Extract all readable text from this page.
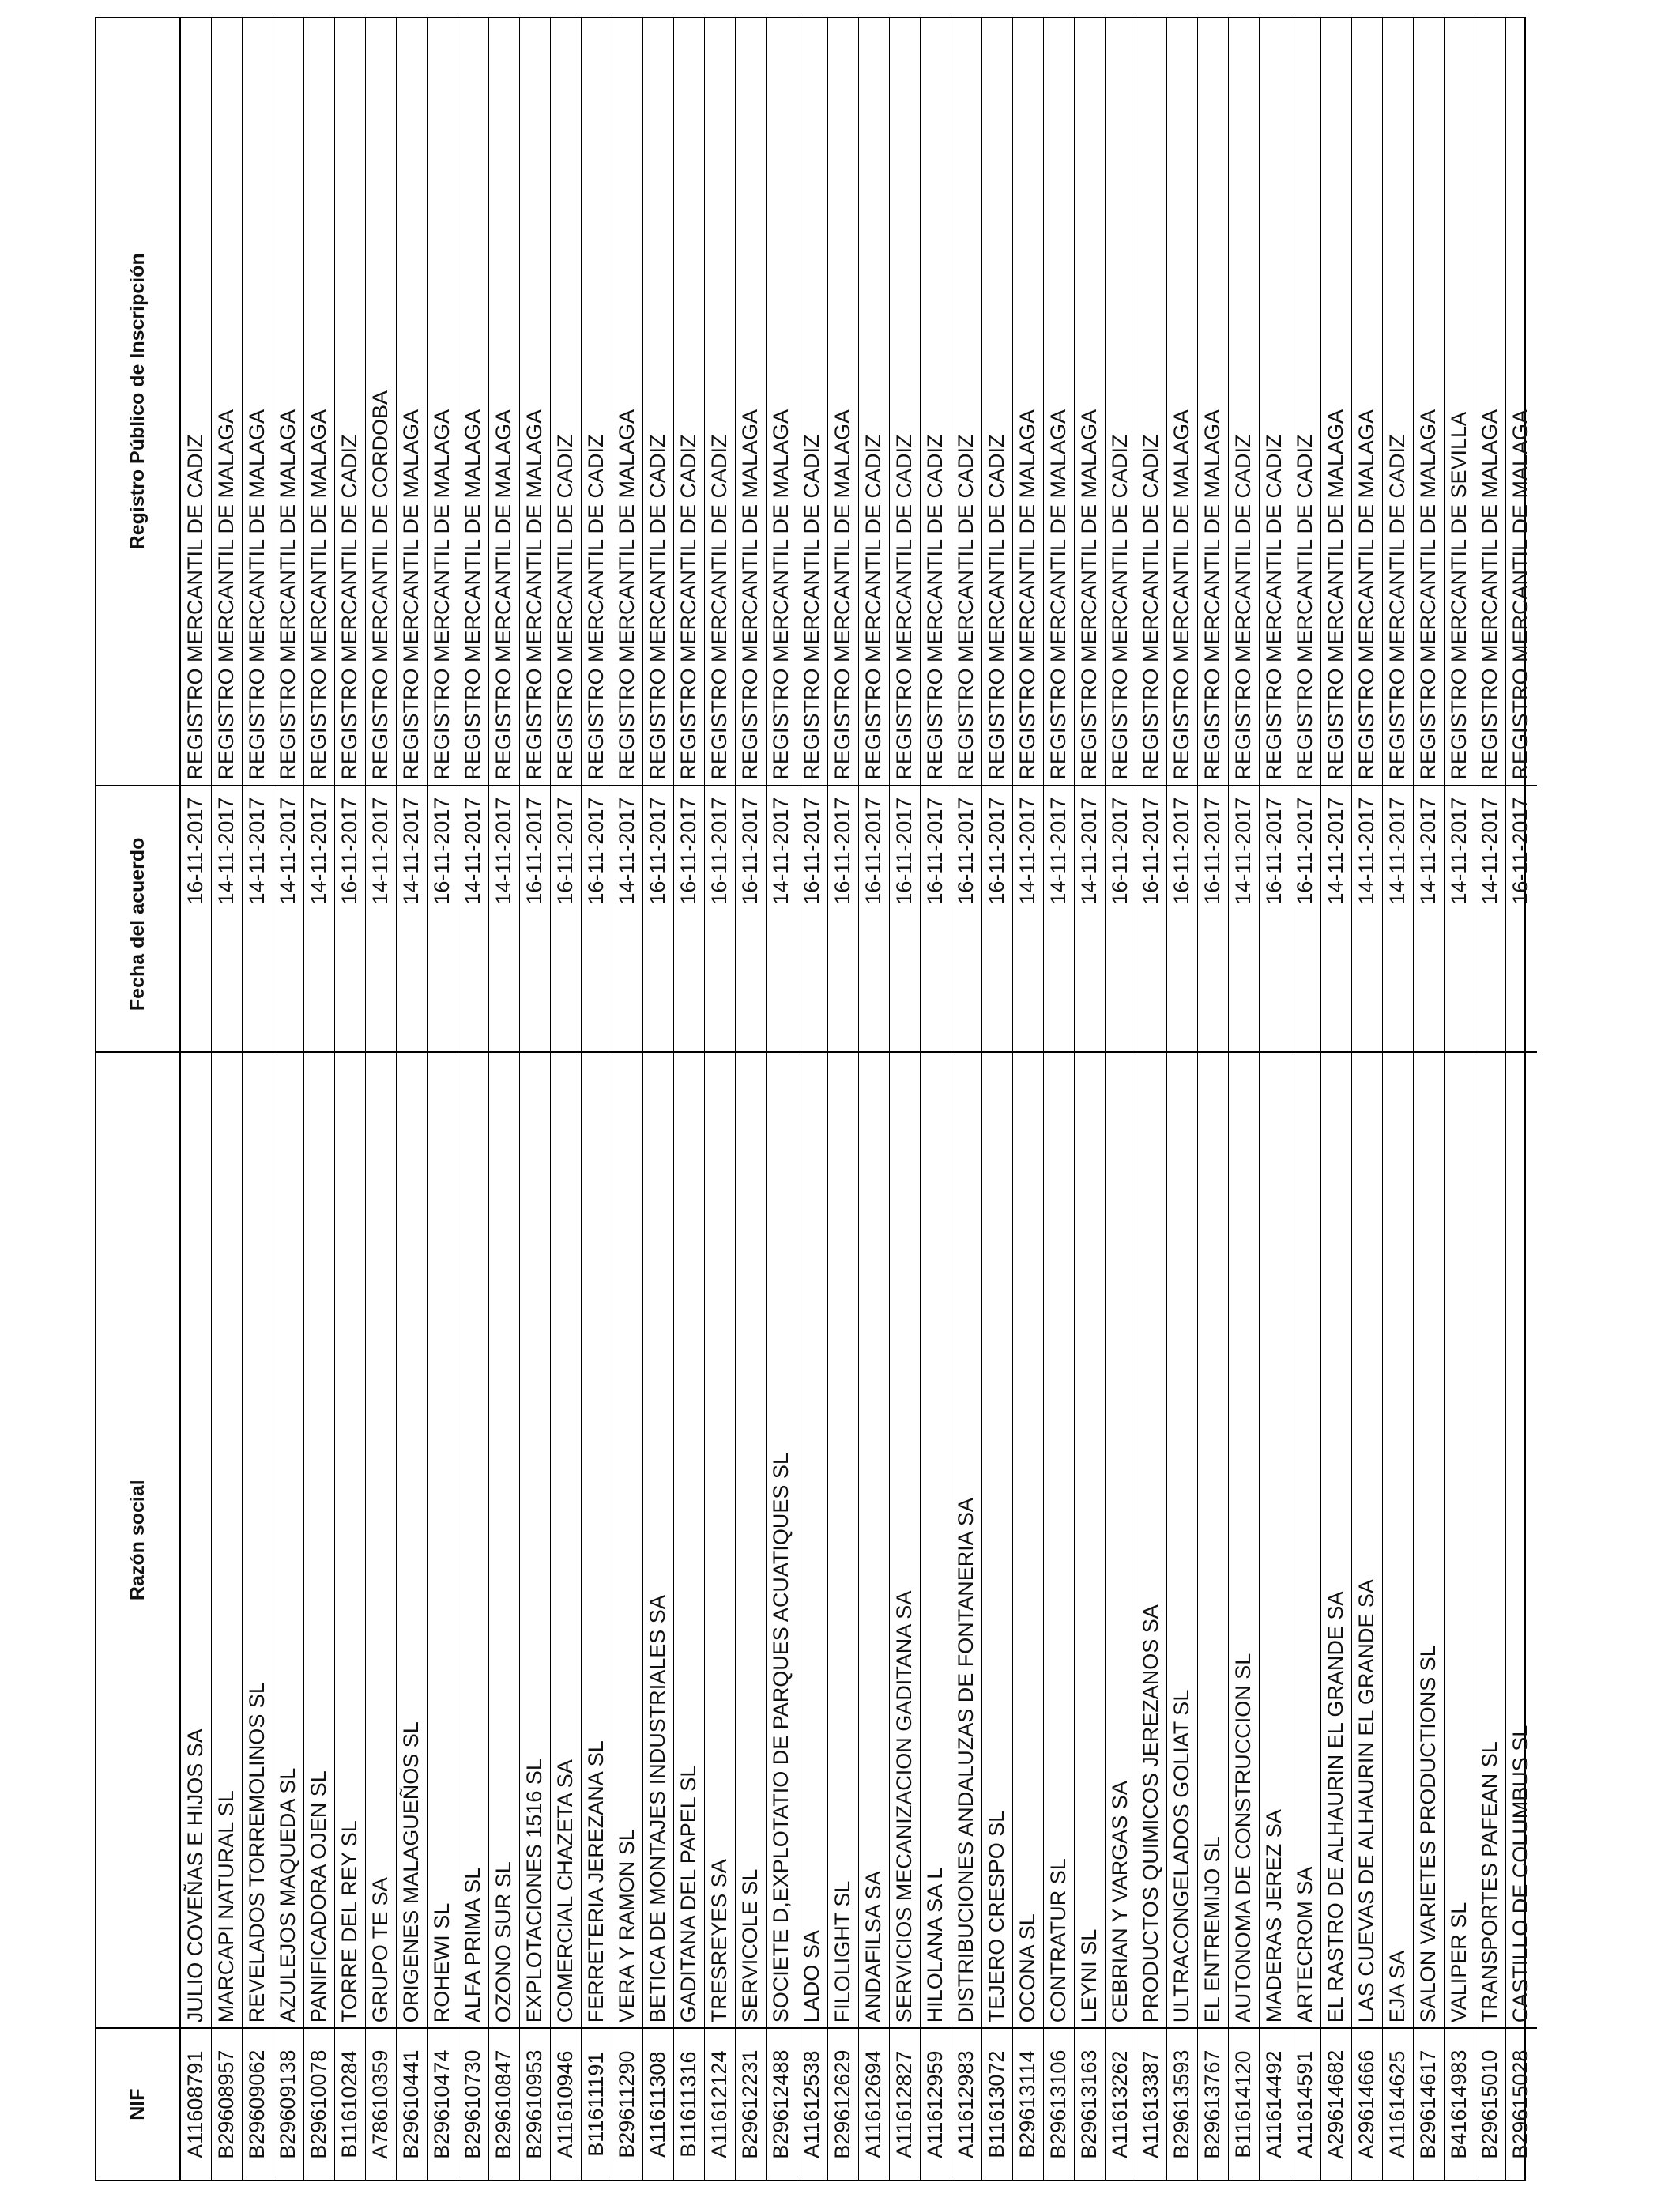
NIF
Razón social
Fecha del acuerdo
Registro Público de Inscripción
A11608791
JULIO COVEÑAS E HIJOS SA
16-11-2017
REGISTRO MERCANTIL DE CADIZ
B29608957
MARCAPI NATURAL SL
14-11-2017
REGISTRO MERCANTIL DE MALAGA
B29609062
REVELADOS TORREMOLINOS SL
14-11-2017
REGISTRO MERCANTIL DE MALAGA
B29609138
AZULEJOS MAQUEDA SL
14-11-2017
REGISTRO MERCANTIL DE MALAGA
B29610078
PANIFICADORA OJEN SL
14-11-2017
REGISTRO MERCANTIL DE MALAGA
B11610284
TORRE DEL REY SL
16-11-2017
REGISTRO MERCANTIL DE CADIZ
A78610359
GRUPO TE SA
14-11-2017
REGISTRO MERCANTIL DE CORDOBA
B29610441
ORIGENES MALAGUEÑOS SL
14-11-2017
REGISTRO MERCANTIL DE MALAGA
B29610474
ROHEWI SL
16-11-2017
REGISTRO MERCANTIL DE MALAGA
B29610730
ALFA PRIMA SL
14-11-2017
REGISTRO MERCANTIL DE MALAGA
B29610847
OZONO SUR SL
14-11-2017
REGISTRO MERCANTIL DE MALAGA
B29610953
EXPLOTACIONES 1516 SL
16-11-2017
REGISTRO MERCANTIL DE MALAGA
A11610946
COMERCIAL CHAZETA SA
16-11-2017
REGISTRO MERCANTIL DE CADIZ
B11611191
FERRETERIA JEREZANA SL
16-11-2017
REGISTRO MERCANTIL DE CADIZ
B29611290
VERA Y RAMON SL
14-11-2017
REGISTRO MERCANTIL DE MALAGA
A11611308
BETICA DE MONTAJES INDUSTRIALES SA
16-11-2017
REGISTRO MERCANTIL DE CADIZ
B11611316
GADITANA DEL PAPEL SL
16-11-2017
REGISTRO MERCANTIL DE CADIZ
A11612124
TRESREYES SA
16-11-2017
REGISTRO MERCANTIL DE CADIZ
B29612231
SERVICOLE SL
16-11-2017
REGISTRO MERCANTIL DE MALAGA
B29612488
SOCIETE D,EXPLOTATIO DE PARQUES ACUATIQUES SL
14-11-2017
REGISTRO MERCANTIL DE MALAGA
A11612538
LADO SA
16-11-2017
REGISTRO MERCANTIL DE CADIZ
B29612629
FILOLIGHT SL
16-11-2017
REGISTRO MERCANTIL DE MALAGA
A11612694
ANDAFILSA SA
16-11-2017
REGISTRO MERCANTIL DE CADIZ
A11612827
SERVICIOS MECANIZACION GADITANA SA
16-11-2017
REGISTRO MERCANTIL DE CADIZ
A11612959
HILOLANA SA L
16-11-2017
REGISTRO MERCANTIL DE CADIZ
A11612983
DISTRIBUCIONES ANDALUZAS DE FONTANERIA SA
16-11-2017
REGISTRO MERCANTIL DE CADIZ
B11613072
TEJERO CRESPO SL
16-11-2017
REGISTRO MERCANTIL DE CADIZ
B29613114
OCONA SL
14-11-2017
REGISTRO MERCANTIL DE MALAGA
B29613106
CONTRATUR SL
14-11-2017
REGISTRO MERCANTIL DE MALAGA
B29613163
LEYNI SL
14-11-2017
REGISTRO MERCANTIL DE MALAGA
A11613262
CEBRIAN Y VARGAS SA
16-11-2017
REGISTRO MERCANTIL DE CADIZ
A11613387
PRODUCTOS QUIMICOS JEREZANOS SA
16-11-2017
REGISTRO MERCANTIL DE CADIZ
B29613593
ULTRACONGELADOS GOLIAT SL
16-11-2017
REGISTRO MERCANTIL DE MALAGA
B29613767
EL ENTREMIJO SL
16-11-2017
REGISTRO MERCANTIL DE MALAGA
B11614120
AUTONOMA DE CONSTRUCCION SL
14-11-2017
REGISTRO MERCANTIL DE CADIZ
A11614492
MADERAS JEREZ SA
16-11-2017
REGISTRO MERCANTIL DE CADIZ
A11614591
ARTECROM SA
16-11-2017
REGISTRO MERCANTIL DE CADIZ
A29614682
EL RASTRO DE ALHAURIN EL GRANDE SA
14-11-2017
REGISTRO MERCANTIL DE MALAGA
A29614666
LAS CUEVAS DE ALHAURIN EL GRANDE SA
14-11-2017
REGISTRO MERCANTIL DE MALAGA
A11614625
EJA SA
14-11-2017
REGISTRO MERCANTIL DE CADIZ
B29614617
SALON VARIETES PRODUCTIONS SL
14-11-2017
REGISTRO MERCANTIL DE MALAGA
B41614983
VALIPER SL
14-11-2017
REGISTRO MERCANTIL DE SEVILLA
B29615010
TRANSPORTES PAFEAN SL
14-11-2017
REGISTRO MERCANTIL DE MALAGA
B29615028
CASTILLO DE COLUMBUS SL
16-11-2017
REGISTRO MERCANTIL DE MALAGA
